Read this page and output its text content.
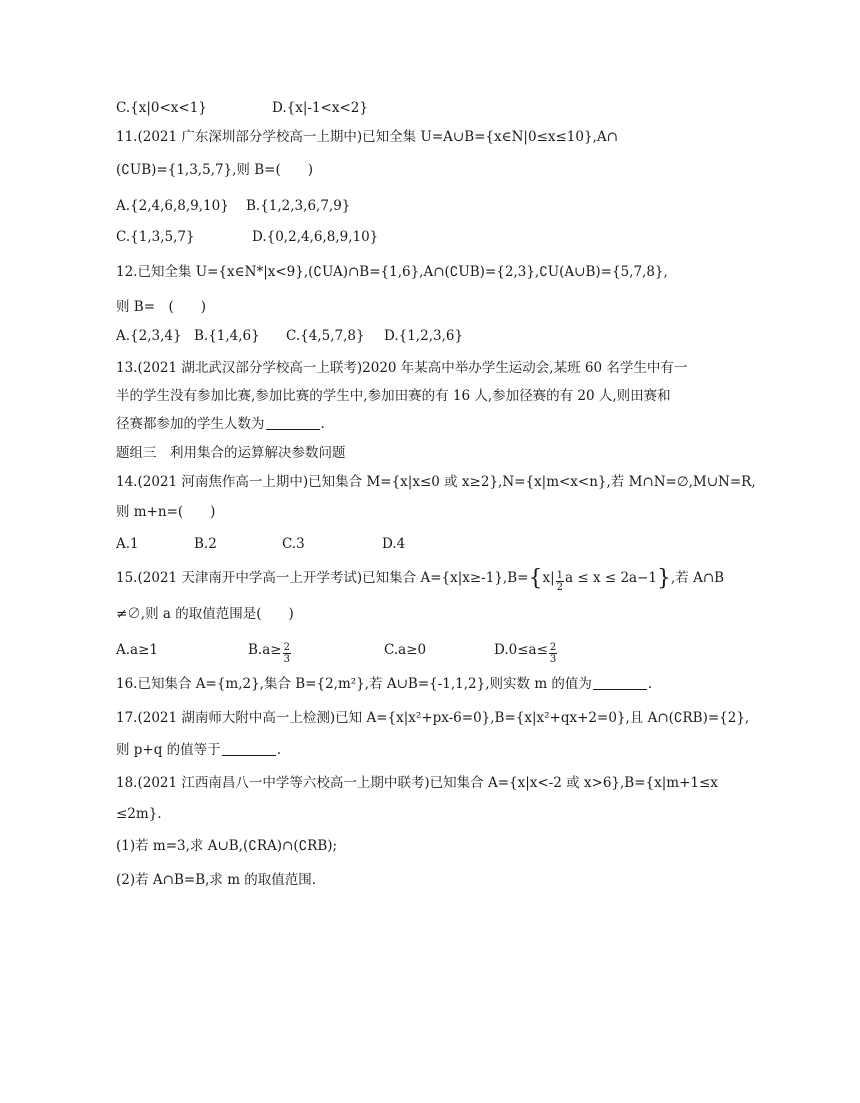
C.{x|0<x<1}	D.{x|-1<x<2}
11.(2021 广东深圳部分学校高一上期中)已知全集 U=A∪B={x∈N|0≤x≤10},A∩
(∁UB)={1,3,5,7},则 B=(　　)
A.{2,4,6,8,9,10} B.{1,2,3,6,7,9}
C.{1,3,5,7}	D.{0,2,4,6,8,9,10}
12.已知全集 U={x∈N*|x<9},(∁UA)∩B={1,6},A∩(∁UB)={2,3},∁U(A∪B)={5,7,8},
则 B=　(　　)
A.{2,3,4} B.{1,4,6} C.{4,5,7,8} D.{1,2,3,6}
13.(2021 湖北武汉部分学校高一上联考)2020 年某高中举办学生运动会,某班 60 名学生中有一
半的学生没有参加比赛,参加比赛的学生中,参加田赛的有 16 人,参加径赛的有 20 人,则田赛和
径赛都参加的学生人数为	.
题组三　利用集合的运算解决参数问题
14.(2021 河南焦作高一上期中)已知集合 M={x|x≤0 或 x≥2},N={x|m<x<n},若 M∩N=∅,M∪N=R,
则 m+n=(　　)
A.1	B.2	C.3	D.4
15.(2021 天津南开中学高一上开学考试)已知集合 $A=\{x|x\ge-1\},B=\{x| \frac{1}{2}$ a ≤ x ≤ 2a−1},若 A∩B
≠∅,则 a 的取值范围是(　　)
A.a≥1	$B.a\ge \frac{2}{3}$	C.a≥0	$D.0\le a\le \frac{2}{3}$
16.已知集合 A={m,2},集合 B={2,m²},若 A∪B={-1,1,2},则实数 m 的值为	.
17.(2021 湖南师大附中高一上检测)已知 A={x|x²+px-6=0},B={x|x²+qx+2=0},且 A∩(∁RB)={2},
则 p+q 的值等于	.
18.(2021 江西南昌八一中学等六校高一上期中联考)已知集合 A={x|x<-2 或 x>6},B={x|m+1≤x
≤2m}.
(1)若 m=3,求 A∪B,(∁RA)∩(∁RB);
(2)若 A∩B=B,求 m 的取值范围.
